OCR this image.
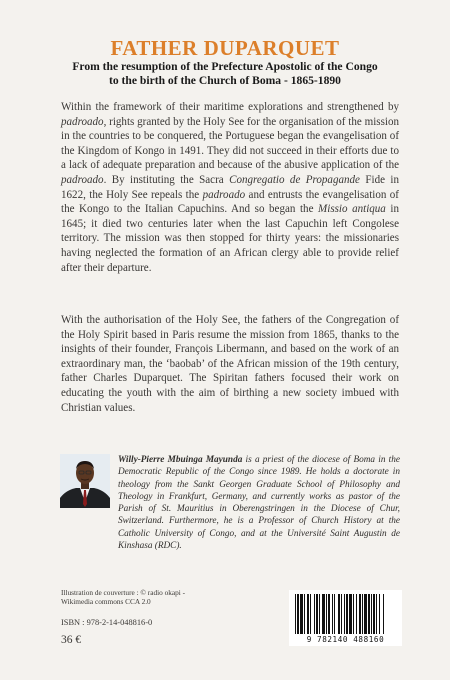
FATHER DUPARQUET
From the resumption of the Prefecture Apostolic of the Congo
to the birth of the Church of Boma - 1865-1890

Within the framework of their maritime explorations and strengthened by padroado, rights granted by the Holy See for the organisation of the mission in the countries to be conquered, the Portuguese began the evangelisation of the Kingdom of Kongo in 1491. They did not succeed in their efforts due to a lack of adequate preparation and because of the abusive application of the padroado. By instituting the Sacra Congregatio de Propagande Fide in 1622, the Holy See repeals the padroado and entrusts the evangelisation of the Kongo to the Italian Capuchins. And so began the Missio antiqua in 1645; it died two centuries later when the last Capuchin left Congolese territory. The mission was then stopped for thirty years: the missionaries having neglected the formation of an African clergy able to provide relief after their departure.

With the authorisation of the Holy See, the fathers of the Congregation of the Holy Spirit based in Paris resume the mission from 1865, thanks to the insights of their founder, François Libermann, and based on the work of an extraordinary man, the ‘baobab’ of the African mission of the 19th century, father Charles Duparquet. The Spiritan fathers focused their work on educating the youth with the aim of birthing a new society imbued with Christian values.

Willy-Pierre Mbuinga Mayunda is a priest of the diocese of Boma in the Democratic Republic of the Congo since 1989. He holds a doctorate in theology from the Sankt Georgen Graduate School of Philosophy and Theology in Frankfurt, Germany, and currently works as pastor of the Parish of St. Mauritius in Oberengstringen in the Diocese of Chur, Switzerland. Furthermore, he is a Professor of Church History at the Catholic University of Congo, and at the Université Saint Augustin de Kinshasa (RDC).
Illustration de couverture : © radio okapi -
Wikimedia commons CCA 2.0
ISBN : 978-2-14-048816-0
36 €	9 782140 488160
